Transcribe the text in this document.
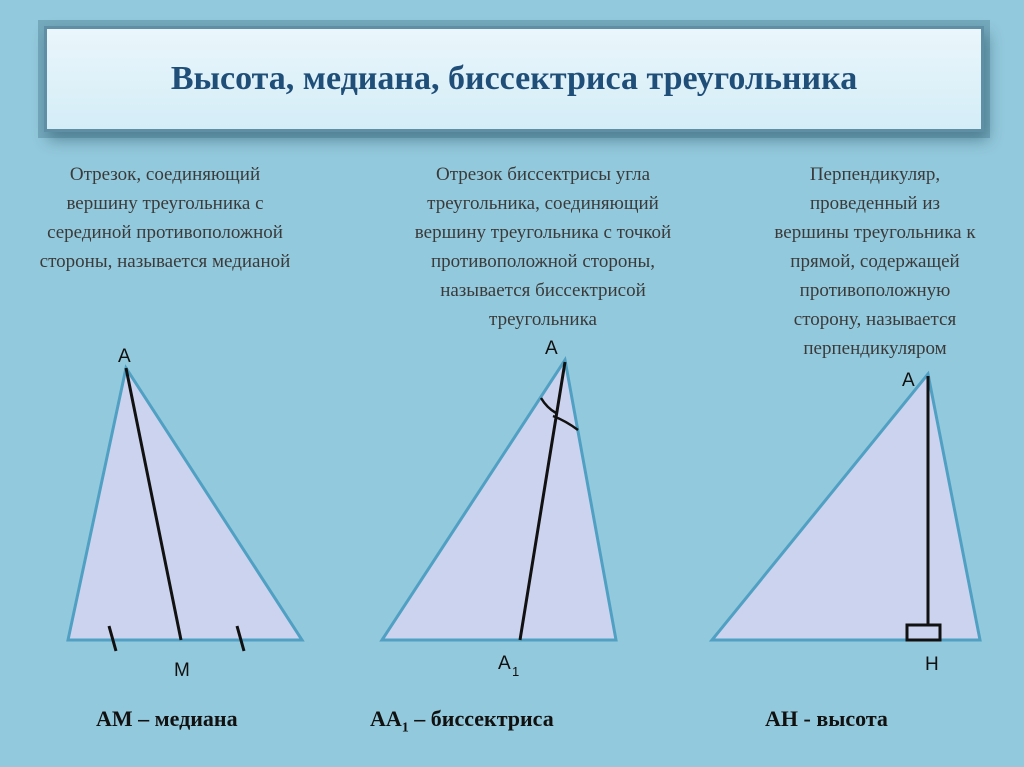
Высота, медиана, биссектриса треугольника
Отрезок, соединяющий
вершину треугольника с
серединой противоположной
стороны, называется медианой
Отрезок биссектрисы угла
треугольника, соединяющий
вершину треугольника с точкой
противоположной стороны,
называется биссектрисой
треугольника
Перпендикуляр,
проведенный из
вершины треугольника к
прямой, содержащей
противоположную
сторону, называется
перпендикуляром
A
M
A
A 1
A
H
AM – медиана	$AA_1$ – биссектриса	AH - высота
